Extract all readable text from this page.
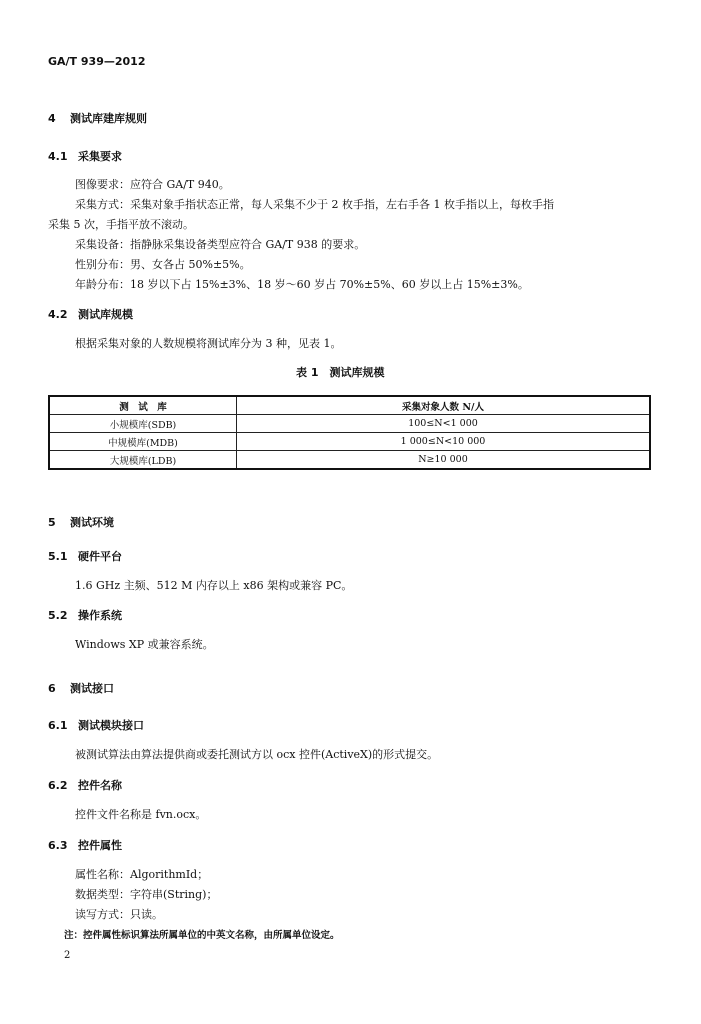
GA/T 939—2012
4 测试库建库规则
4.1 采集要求
图像要求：应符合 GA/T 940。
采集方式：采集对象手指状态正常，每人采集不少于 2 枚手指，左右手各 1 枚手指以上，每枚手指
采集 5 次，手指平放不滚动。
采集设备：指静脉采集设备类型应符合 GA/T 938 的要求。
性别分布：男、女各占 50%±5%。
年龄分布：18 岁以下占 15%±3%、18 岁～60 岁占 70%±5%、60 岁以上占 15%±3%。
4.2 测试库规模
根据采集对象的人数规模将测试库分为 3 种，见表 1。
表 1　测试库规模
测　试　库	采集对象人数 N/人
小规模库(SDB)	100≤N<1 000
中规模库(MDB)	1 000≤N<10 000
大规模库(LDB)	N≥10 000
5 测试环境
5.1 硬件平台
1.6 GHz 主频、512 M 内存以上 x86 架构或兼容 PC。
5.2 操作系统
Windows XP 或兼容系统。
6 测试接口
6.1 测试模块接口
被测试算法由算法提供商或委托测试方以 ocx 控件(ActiveX)的形式提交。
6.2 控件名称
控件文件名称是 fvn.ocx。
6.3 控件属性
属性名称：AlgorithmId；
数据类型：字符串(String)；
读写方式：只读。
注：控件属性标识算法所属单位的中英文名称，由所属单位设定。
2
